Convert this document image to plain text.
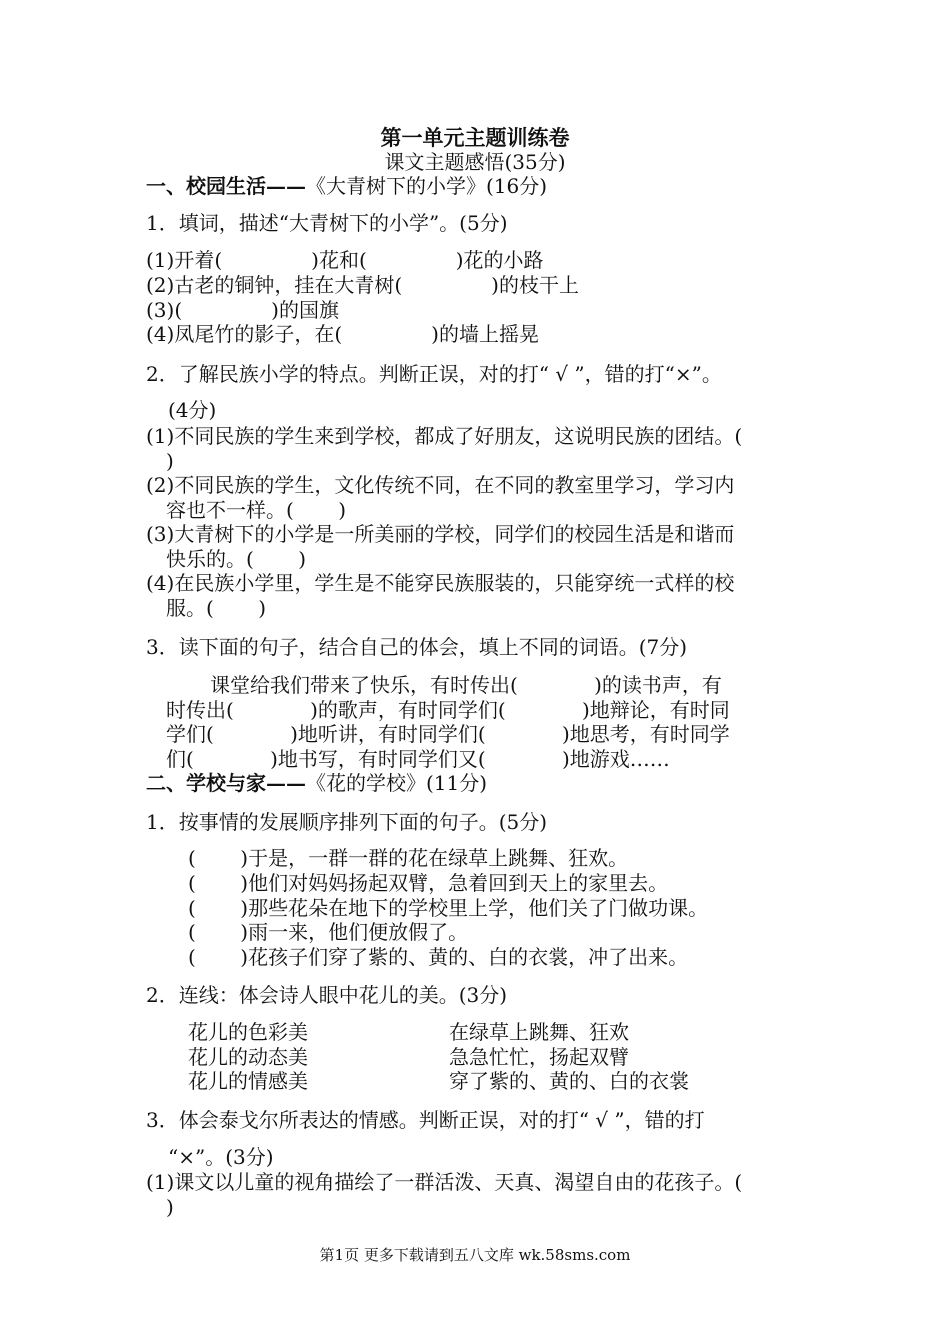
第一单元主题训练卷
课文主题感悟(35分)
一、校园生活——《大青树下的小学》(16分)
1．填词，描述“大青树下的小学”。(5分)
(1)开着(              )花和(              )花的小路
(2)古老的铜钟，挂在大青树(              )的枝干上
(3)(              )的国旗
(4)凤尾竹的影子，在(              )的墙上摇晃
2．了解民族小学的特点。判断正误，对的打“ √ ”，错的打“×”。
(4分)
(1)不同民族的学生来到学校，都成了好朋友，这说明民族的团结。(
)
(2)不同民族的学生，文化传统不同，在不同的教室里学习，学习内
容也不一样。(       )
(3)大青树下的小学是一所美丽的学校，同学们的校园生活是和谐而
快乐的。(       )
(4)在民族小学里，学生是不能穿民族服装的，只能穿统一式样的校
服。(       )
3．读下面的句子，结合自己的体会，填上不同的词语。(7分)
课堂给我们带来了快乐，有时传出(            )的读书声，有
时传出(            )的歌声，有时同学们(            )地辩论，有时同
学们(            )地听讲，有时同学们(            )地思考，有时同学
们(            )地书写，有时同学们又(            )地游戏……
二、学校与家——《花的学校》(11分)
1．按事情的发展顺序排列下面的句子。(5分)
(       )于是，一群一群的花在绿草上跳舞、狂欢。
(       )他们对妈妈扬起双臂，急着回到天上的家里去。
(       )那些花朵在地下的学校里上学，他们关了门做功课。
(       )雨一来，他们便放假了。
(       )花孩子们穿了紫的、黄的、白的衣裳，冲了出来。
2．连线：体会诗人眼中花儿的美。(3分)
花儿的色彩美
花儿的动态美
花儿的情感美
在绿草上跳舞、狂欢
急急忙忙，扬起双臂
穿了紫的、黄的、白的衣裳
3．体会泰戈尔所表达的情感。判断正误，对的打“ √ ”，错的打
“×”。(3分)
(1)课文以儿童的视角描绘了一群活泼、天真、渴望自由的花孩子。(
)
第1页 更多下载请到五八文库 wk.58sms.com
